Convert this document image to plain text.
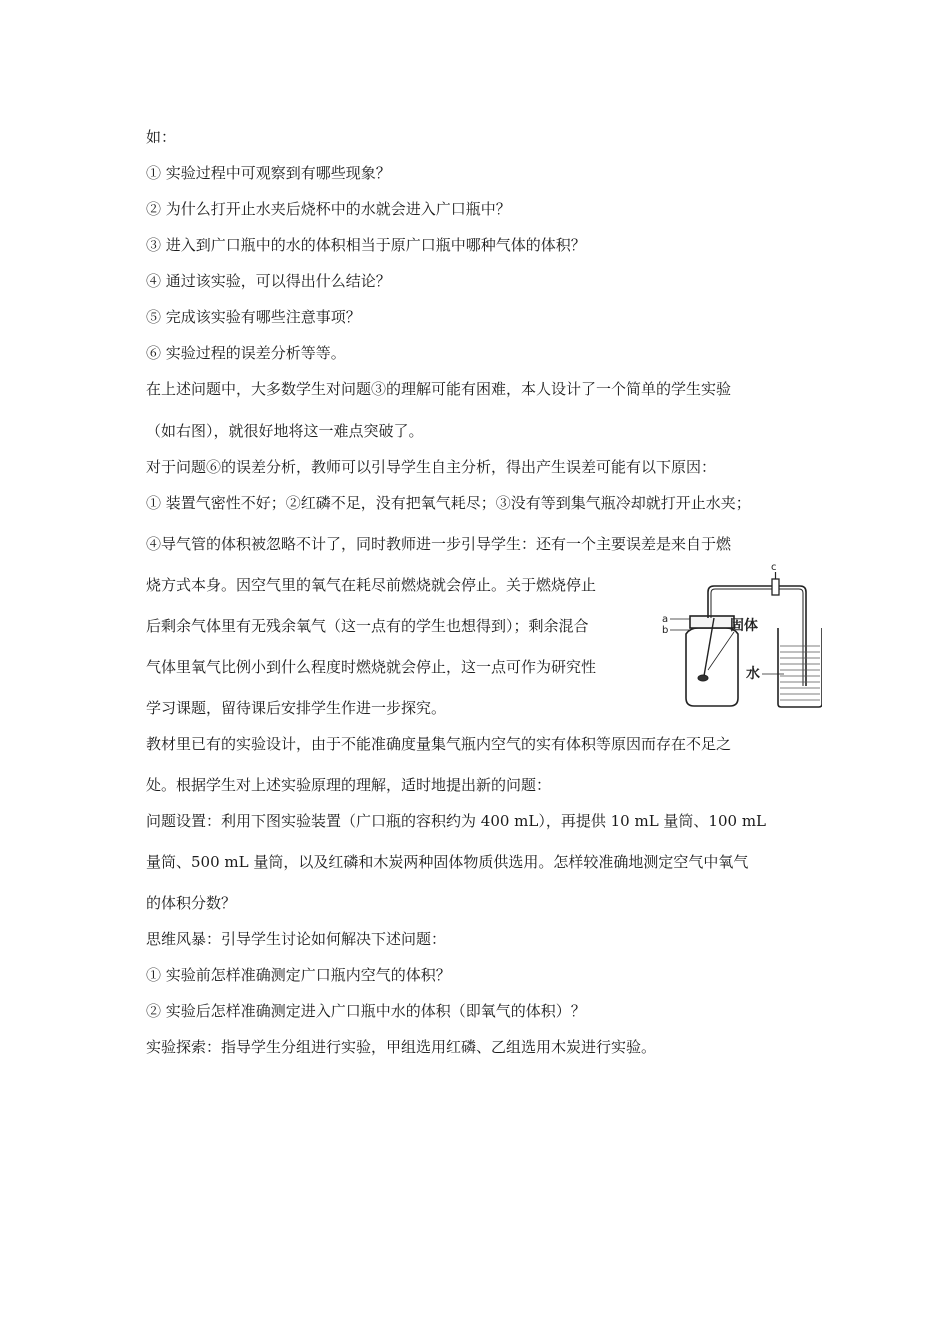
如：
① 实验过程中可观察到有哪些现象？
② 为什么打开止水夹后烧杯中的水就会进入广口瓶中？
③ 进入到广口瓶中的水的体积相当于原广口瓶中哪种气体的体积？
④ 通过该实验，可以得出什么结论？
⑤ 完成该实验有哪些注意事项？
⑥ 实验过程的误差分析等等。
在上述问题中，大多数学生对问题③的理解可能有困难，本人设计了一个简单的学生实验
（如右图），就很好地将这一难点突破了。
对于问题⑥的误差分析，教师可以引导学生自主分析，得出产生误差可能有以下原因：
① 装置气密性不好；②红磷不足，没有把氧气耗尽；③没有等到集气瓶冷却就打开止水夹；
④导气管的体积被忽略不计了，同时教师进一步引导学生：还有一个主要误差是来自于燃
烧方式本身。因空气里的氧气在耗尽前燃烧就会停止。关于燃烧停止
后剩余气体里有无残余氧气（这一点有的学生也想得到）；剩余混合
气体里氧气比例小到什么程度时燃烧就会停止，这一点可作为研究性
学习课题，留待课后安排学生作进一步探究。
教材里已有的实验设计，由于不能准确度量集气瓶内空气的实有体积等原因而存在不足之
处。根据学生对上述实验原理的理解，适时地提出新的问题：
问题设置：利用下图实验装置（广口瓶的容积约为 400 mL），再提供 10 mL 量筒、100 mL
量筒、500 mL 量筒，以及红磷和木炭两种固体物质供选用。怎样较准确地测定空气中氧气
的体积分数？
思维风暴：引导学生讨论如何解决下述问题：
① 实验前怎样准确测定广口瓶内空气的体积？
② 实验后怎样准确测定进入广口瓶中水的体积（即氧气的体积）？
实验探索：指导学生分组进行实验，甲组选用红磷、乙组选用木炭进行实验。
c
a
b	固体
水
